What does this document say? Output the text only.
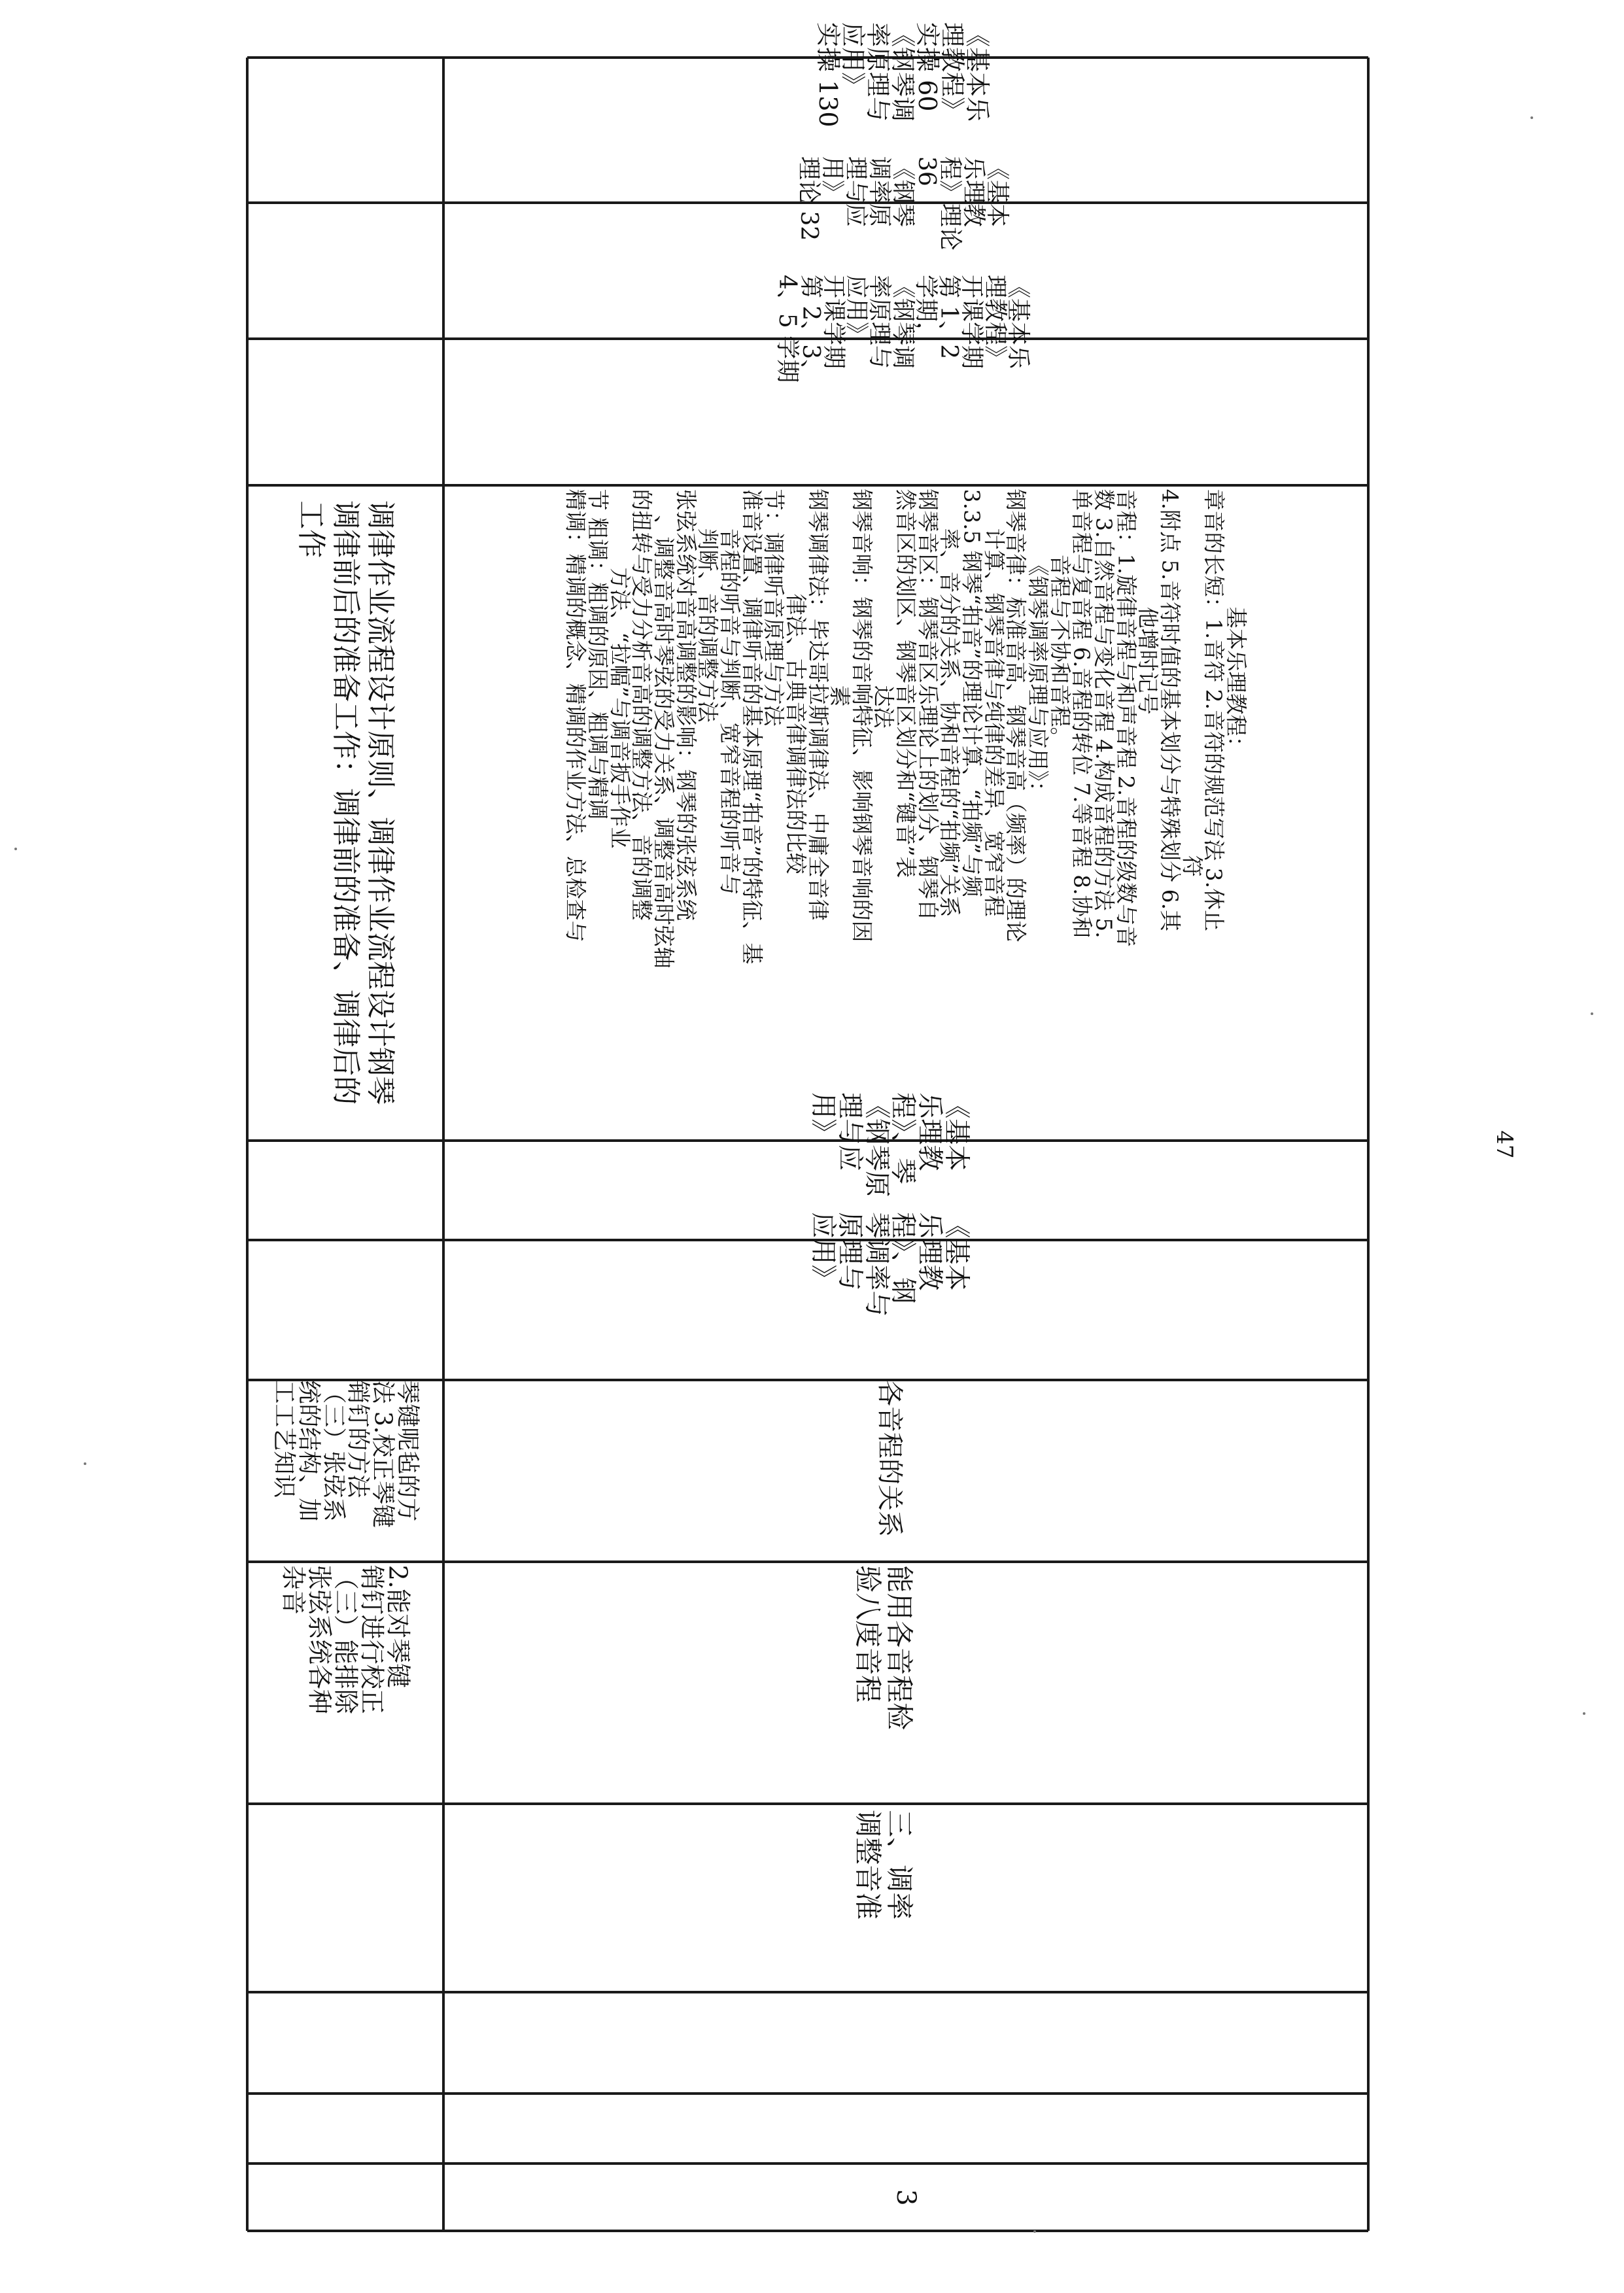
调律作业流程设计原则、调律作业流程设计钢琴
调律前后的准备工作：调律前的准备、调律后的
工作
琴键呢毡的方
法 3.校正琴键
销钉的方法
（三）张弦系
统的结构、加
工工艺知识
2.能对琴键
销钉进行校正
（三）能排除
张弦系统各种
杂音
3
三、调率
调整音准
能用各音程检
验八度音程
各音程的关系
《基本
乐理教
程》、钢
琴调率与
原理与
应用》
《基本
乐理教
程》、琴
《钢琴原
理与应
用》
基本乐理教程：
章音的长短：1.音符 2.音符的规范写法 3.休止
符
4.附点 5.音符时值的基本划分与特殊划分 6.其
他增时记号
音程：1.旋律音程与和声音程 2.音程的级数与音
数 3.自然音程与变化音程 4.构成音程的方法 5.
单音程与复音程 6.音程的转位 7.等音程 8.协和
音程与不协和音程。
《钢琴调率原理与应用》：
钢琴音律：标准音高、钢琴音高（频率）的理论
计算、钢琴音律与纯律的差异、宽窄音程
3.3.5 钢琴“拍音”的理论计算、“拍频”与频
率、音分的关系、协和音程的“拍频”关系
钢琴音区：钢琴音区乐理论上的划分、钢琴自
然音区的划区、钢琴音区划分和“键音”表
达法
钢琴音响：钢琴的音响特征、影响钢琴音响的因
素
钢琴调律法：毕达哥拉斯调律法、中庸全音律
律法、古典音律调律法的比较
节：调律听音原理与方法
准音设置、调律听音的基本原理“拍音”的特征、基
音程的听音与判断、宽窄音程的听音与
判断、音的调整方法
张弦系统对音高调整的影响：钢琴的张弦系统
、调整音高时琴弦的受力关系、调整音高时弦轴
的扭转与受力分析音高的调整方法、音的调整
方法、“拉幅”与调音扳手作业
节 粗调：粗调的原因、粗调与精调
精调：精调的概念、精调的作业方法、总检查与
《基本乐
理教程》
开课学期
第 1、2
学期，
《钢琴调
率原理与
应用》
开课学期
第 2、3、
4、5 学期
《基本
乐理教
程》理论
36
《钢琴
调率原
理与应
用》
理论 32
《基本乐
理教程》
实操 60
《钢琴调
率原理与
应用》
实操 130
47
